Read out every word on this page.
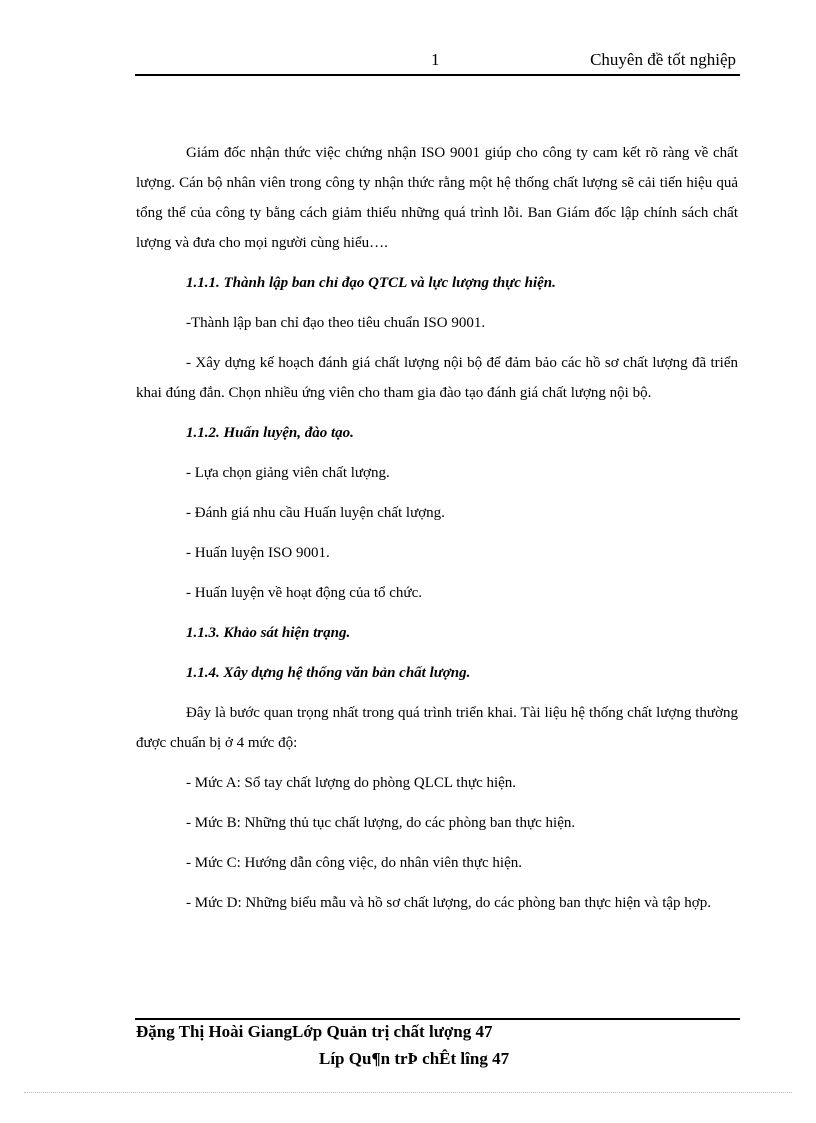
1	Chuyên đề tốt nghiệp

Giám đốc nhận thức việc chứng nhận ISO 9001 giúp cho công ty cam kết rõ ràng về chất lượng. Cán bộ nhân viên trong công ty nhận thức rằng một hệ thống chất lượng sẽ cải tiến hiệu quả tổng thể của công ty bằng cách giảm thiểu những quá trình lỗi. Ban Giám đốc lập chính sách chất lượng và đưa cho mọi người cùng hiểu….

1.1.1. Thành lập ban chỉ đạo QTCL và lực lượng thực hiện.

-Thành lập ban chỉ đạo theo tiêu chuẩn ISO 9001.

- Xây dựng kế hoạch đánh giá chất lượng nội bộ để đảm bảo các hồ sơ chất lượng đã triển khai đúng đắn. Chọn nhiều ứng viên cho tham gia đào tạo đánh giá chất lượng nội bộ.

1.1.2. Huấn luyện, đào tạo.

- Lựa chọn giảng viên chất lượng.

- Đánh giá nhu cầu Huấn luyện chất lượng.

- Huấn luyện ISO 9001.

- Huấn luyện về hoạt động của tổ chức.

1.1.3. Khảo sát hiện trạng.

1.1.4. Xây dựng hệ thống văn bản chất lượng.

Đây là bước quan trọng nhất trong quá trình triển khai. Tài liệu hệ thống chất lượng thường được chuẩn bị ở 4 mức độ:

- Mức A: Sổ tay chất lượng do phòng QLCL thực hiện.

- Mức B: Những thủ tục chất lượng, do các phòng ban thực hiện.

- Mức C: Hướng dẫn công việc, do nhân viên thực hiện.

- Mức D: Những biểu mẫu và hồ sơ chất lượng, do các phòng ban thực hiện và tập hợp.

Đặng Thị Hoài GiangLớp Quản trị chất lượng 47
Líp Qu¶n trÞ chÊt lîng 47
